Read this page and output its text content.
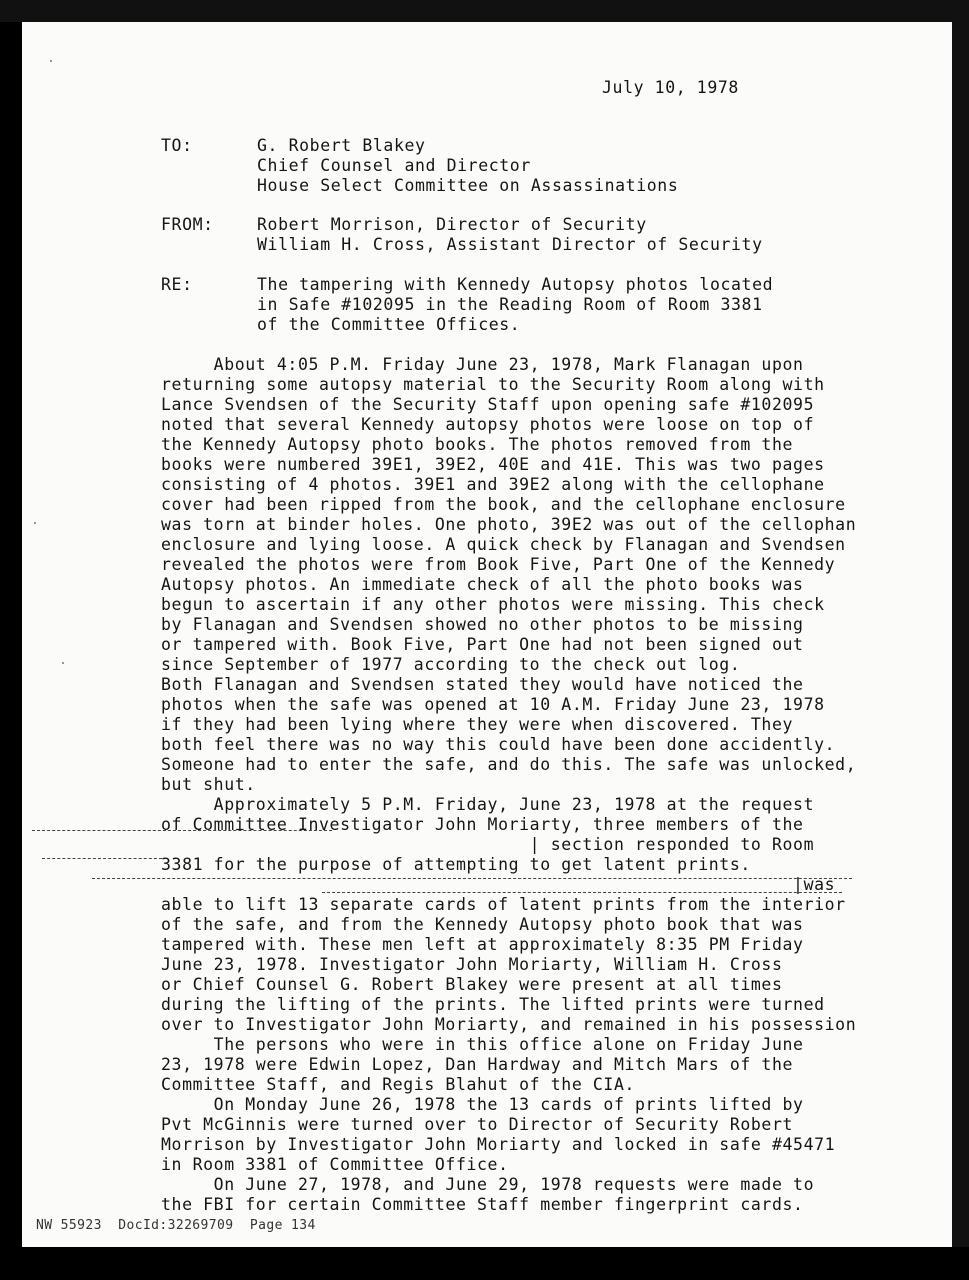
July 10, 1978
TO:	G. Robert Blakey
Chief Counsel and Director
House Select Committee on Assassinations
FROM:	Robert Morrison, Director of Security
William H. Cross, Assistant Director of Security
RE:	The tampering with Kennedy Autopsy photos located
in Safe #102095 in the Reading Room of Room 3381
of the Committee Offices.
About 4:05 P.M. Friday June 23, 1978, Mark Flanagan upon
returning some autopsy material to the Security Room along with
Lance Svendsen of the Security Staff upon opening safe #102095
noted that several Kennedy autopsy photos were loose on top of
the Kennedy Autopsy photo books. The photos removed from the
books were numbered 39E1, 39E2, 40E and 41E. This was two pages
consisting of 4 photos. 39E1 and 39E2 along with the cellophane
cover had been ripped from the book, and the cellophane enclosure
was torn at binder holes. One photo, 39E2 was out of the cellophan
enclosure and lying loose. A quick check by Flanagan and Svendsen
revealed the photos were from Book Five, Part One of the Kennedy
Autopsy photos. An immediate check of all the photo books was
begun to ascertain if any other photos were missing. This check
by Flanagan and Svendsen showed no other photos to be missing
or tampered with. Book Five, Part One had not been signed out
since September of 1977 according to the check out log.
Both Flanagan and Svendsen stated they would have noticed the
photos when the safe was opened at 10 A.M. Friday June 23, 1978
if they had been lying where they were when discovered. They
both feel there was no way this could have been done accidently.
Someone had to enter the safe, and do this. The safe was unlocked,
but shut.
Approximately 5 P.M. Friday, June 23, 1978 at the request
of Committee Investigator John Moriarty, three members of the
| section responded to Room
3381 for the purpose of attempting to get latent prints.
|was
able to lift 13 separate cards of latent prints from the interior
of the safe, and from the Kennedy Autopsy photo book that was
tampered with. These men left at approximately 8:35 PM Friday
June 23, 1978. Investigator John Moriarty, William H. Cross
or Chief Counsel G. Robert Blakey were present at all times
during the lifting of the prints. The lifted prints were turned
over to Investigator John Moriarty, and remained in his possession
The persons who were in this office alone on Friday June
23, 1978 were Edwin Lopez, Dan Hardway and Mitch Mars of the
Committee Staff, and Regis Blahut of the CIA.
On Monday June 26, 1978 the 13 cards of prints lifted by
Pvt McGinnis were turned over to Director of Security Robert
Morrison by Investigator John Moriarty and locked in safe #45471
in Room 3381 of Committee Office.
On June 27, 1978, and June 29, 1978 requests were made to
the FBI for certain Committee Staff member fingerprint cards.
NW 55923  DocId:32269709  Page 134
